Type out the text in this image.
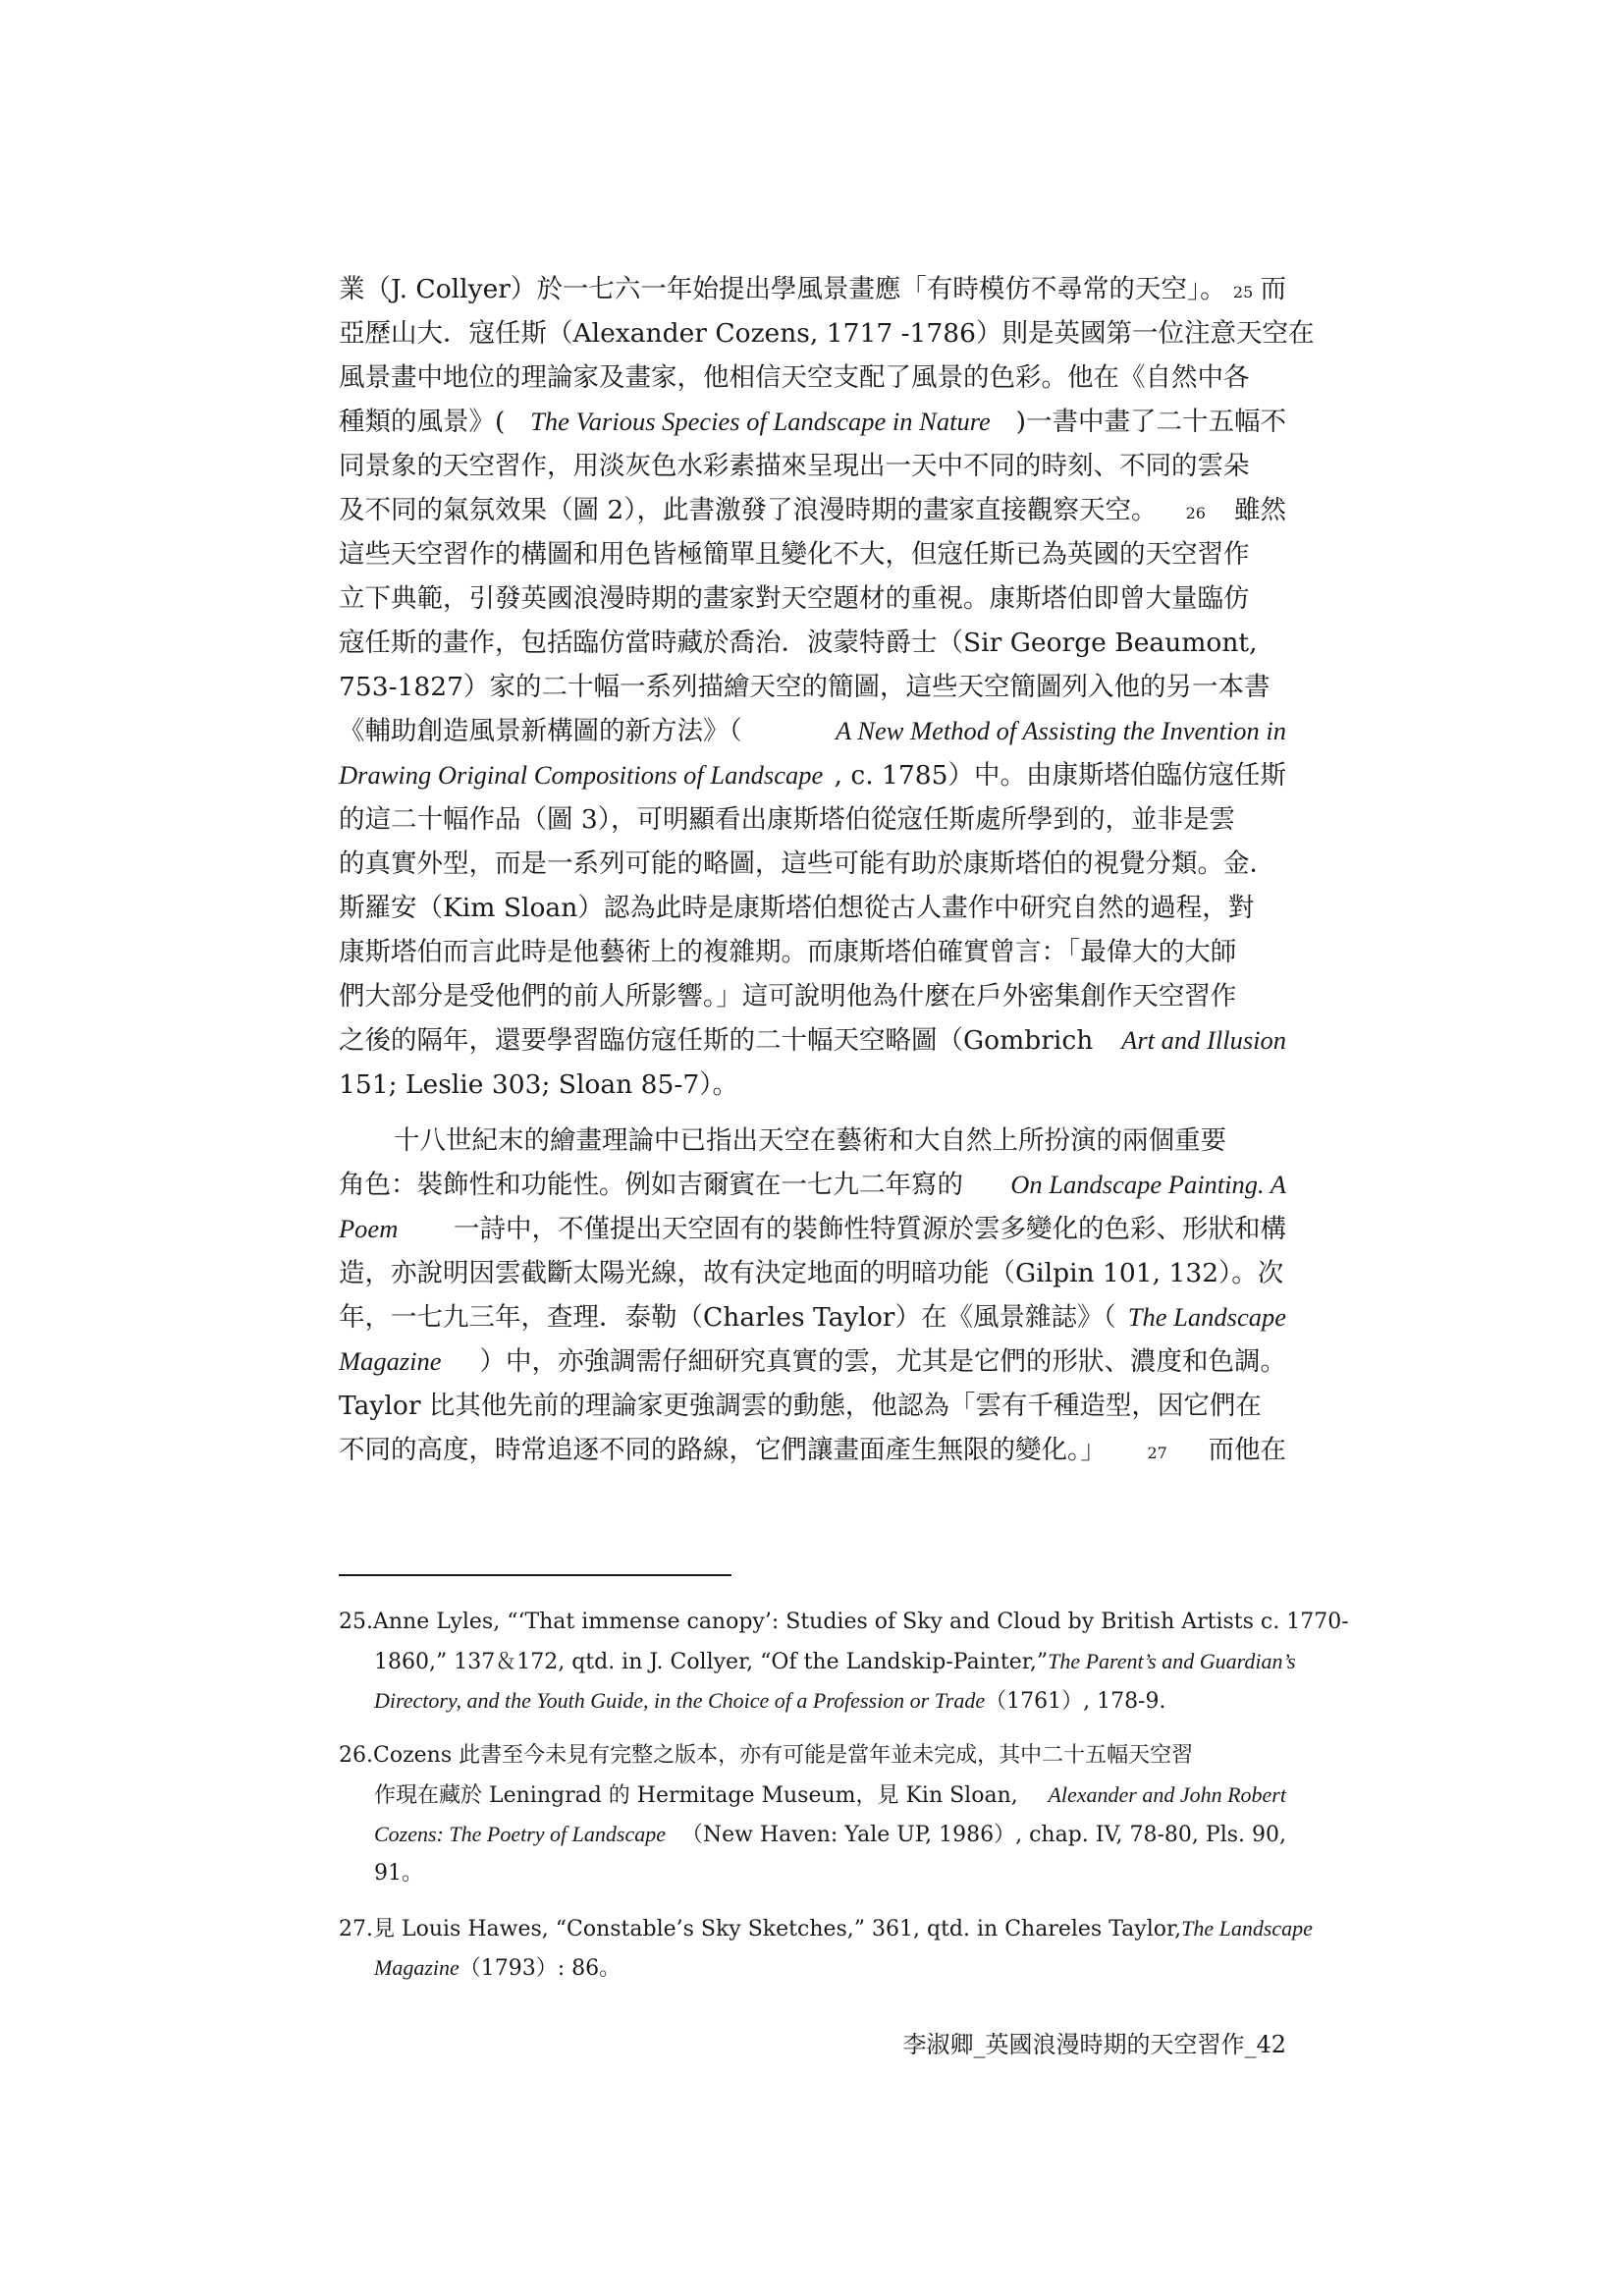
業（J. Collyer）於一七六一年始提出學風景畫應「有時模仿不尋常的天空」。 25 而
亞歷山大．寇任斯（Alexander Cozens, 1717 -1786）則是英國第一位注意天空在
風景畫中地位的理論家及畫家，他相信天空支配了風景的色彩。他在《自然中各
種類的風景》( The Various Species of Landscape in Nature )一書中畫了二十五幅不
同景象的天空習作，用淡灰色水彩素描來呈現出一天中不同的時刻、不同的雲朵
及不同的氣氛效果（圖 2），此書激發了浪漫時期的畫家直接觀察天空。 26 雖然
這些天空習作的構圖和用色皆極簡單且變化不大，但寇任斯已為英國的天空習作
立下典範，引發英國浪漫時期的畫家對天空題材的重視。康斯塔伯即曾大量臨仿
寇任斯的畫作，包括臨仿當時藏於喬治．波蒙特爵士（Sir George Beaumont,
753-1827）家的二十幅一系列描繪天空的簡圖，這些天空簡圖列入他的另一本書
《輔助創造風景新構圖的新方法》（	A New Method of Assisting the Invention in
Drawing Original Compositions of Landscape , c. 1785）中。由康斯塔伯臨仿寇任斯
的這二十幅作品（圖 3），可明顯看出康斯塔伯從寇任斯處所學到的，並非是雲
的真實外型，而是一系列可能的略圖，這些可能有助於康斯塔伯的視覺分類。金．
斯羅安（Kim Sloan）認為此時是康斯塔伯想從古人畫作中研究自然的過程，對
康斯塔伯而言此時是他藝術上的複雜期。而康斯塔伯確實曾言：「最偉大的大師
們大部分是受他們的前人所影響。」這可說明他為什麼在戶外密集創作天空習作
之後的隔年，還要學習臨仿寇任斯的二十幅天空略圖（Gombrich Art and Illusion
151; Leslie 303; Sloan 85-7）。
十八世紀末的繪畫理論中已指出天空在藝術和大自然上所扮演的兩個重要
角色：裝飾性和功能性。例如吉爾賓在一七九二年寫的 On Landscape Painting. A
Poem 一詩中，不僅提出天空固有的裝飾性特質源於雲多變化的色彩、形狀和構
造，亦說明因雲截斷太陽光線，故有決定地面的明暗功能（Gilpin 101, 132）。次
年，一七九三年，查理．泰勒（Charles Taylor）在《風景雜誌》（ The Landscape
Magazine ）中，亦強調需仔細研究真實的雲，尤其是它們的形狀、濃度和色調。
Taylor 比其他先前的理論家更強調雲的動態，他認為「雲有千種造型，因它們在
不同的高度，時常追逐不同的路線，它們讓畫面產生無限的變化。」	27 而他在
25.Anne Lyles, “‘That immense canopy’: Studies of Sky and Cloud by British Artists c. 1770-
1860,” 137＆172, qtd. in J. Collyer, “Of the Landskip-Painter,” The Parent’s and Guardian’s
Directory, and the Youth Guide, in the Choice of a Profession or Trade （1761）, 178-9.
26.Cozens 此書至今未見有完整之版本，亦有可能是當年並未完成，其中二十五幅天空習
作現在藏於 Leningrad 的 Hermitage Museum，見 Kin Sloan, Alexander and John Robert
Cozens: The Poetry of Landscape （New Haven: Yale UP, 1986）, chap. IV, 78-80, Pls. 90,
91。
27.見 Louis Hawes, “Constable’s Sky Sketches,” 361, qtd. in Chareles Taylor, The Landscape
Magazine （1793）: 86。
李淑卿_英國浪漫時期的天空習作_42
